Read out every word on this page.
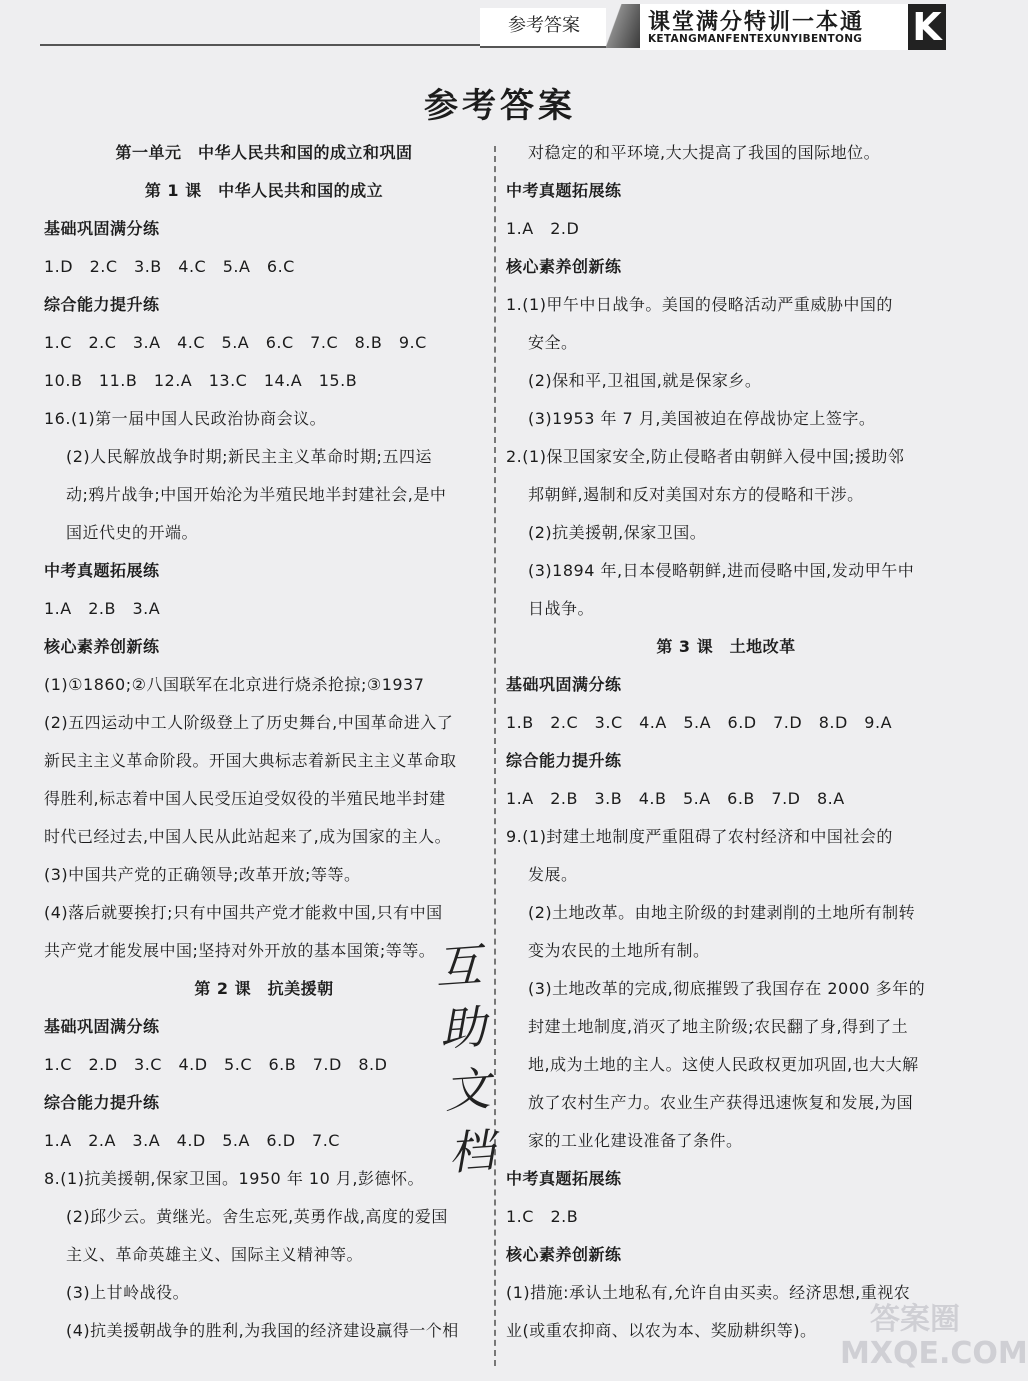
参考答案	课堂满分特训一本通
KETANGMANFENTEXUNYIBENTONG K
参考答案
第一单元　中华人民共和国的成立和巩固
第 1 课　中华人民共和国的成立
基础巩固满分练
1.D　2.C　3.B　4.C　5.A　6.C
综合能力提升练
1.C　2.C　3.A　4.C　5.A　6.C　7.C　8.B　9.C
10.B　11.B　12.A　13.C　14.A　15.B
16.(1)第一届中国人民政治协商会议。
(2)人民解放战争时期;新民主主义革命时期;五四运
动;鸦片战争;中国开始沦为半殖民地半封建社会,是中
国近代史的开端。
中考真题拓展练
1.A　2.B　3.A
核心素养创新练
(1)①1860;②八国联军在北京进行烧杀抢掠;③1937
(2)五四运动中工人阶级登上了历史舞台,中国革命进入了
新民主主义革命阶段。开国大典标志着新民主主义革命取
得胜利,标志着中国人民受压迫受奴役的半殖民地半封建
时代已经过去,中国人民从此站起来了,成为国家的主人。
(3)中国共产党的正确领导;改革开放;等等。
(4)落后就要挨打;只有中国共产党才能救中国,只有中国
共产党才能发展中国;坚持对外开放的基本国策;等等。
第 2 课　抗美援朝
基础巩固满分练
1.C　2.D　3.C　4.D　5.C　6.B　7.D　8.D
综合能力提升练
1.A　2.A　3.A　4.D　5.A　6.D　7.C
8.(1)抗美援朝,保家卫国。1950 年 10 月,彭德怀。
(2)邱少云。黄继光。舍生忘死,英勇作战,高度的爱国
主义、革命英雄主义、国际主义精神等。
(3)上甘岭战役。
(4)抗美援朝战争的胜利,为我国的经济建设赢得一个相
对稳定的和平环境,大大提高了我国的国际地位。
中考真题拓展练
1.A　2.D
核心素养创新练
1.(1)甲午中日战争。美国的侵略活动严重威胁中国的
安全。
(2)保和平,卫祖国,就是保家乡。
(3)1953 年 7 月,美国被迫在停战协定上签字。
2.(1)保卫国家安全,防止侵略者由朝鲜入侵中国;援助邻
邦朝鲜,遏制和反对美国对东方的侵略和干涉。
(2)抗美援朝,保家卫国。
(3)1894 年,日本侵略朝鲜,进而侵略中国,发动甲午中
日战争。
第 3 课　土地改革
基础巩固满分练
1.B　2.C　3.C　4.A　5.A　6.D　7.D　8.D　9.A
综合能力提升练
1.A　2.B　3.B　4.B　5.A　6.B　7.D　8.A
9.(1)封建土地制度严重阻碍了农村经济和中国社会的
发展。
(2)土地改革。由地主阶级的封建剥削的土地所有制转
变为农民的土地所有制。
(3)土地改革的完成,彻底摧毁了我国存在 2000 多年的
封建土地制度,消灭了地主阶级;农民翻了身,得到了土
地,成为土地的主人。这使人民政权更加巩固,也大大解
放了农村生产力。农业生产获得迅速恢复和发展,为国
家的工业化建设准备了条件。
中考真题拓展练
1.C　2.B
核心素养创新练
(1)措施:承认土地私有,允许自由买卖。经济思想,重视农
业(或重农抑商、以农为本、奖励耕织等)。
互
助
文
档
答案圈 MXQE.COM
